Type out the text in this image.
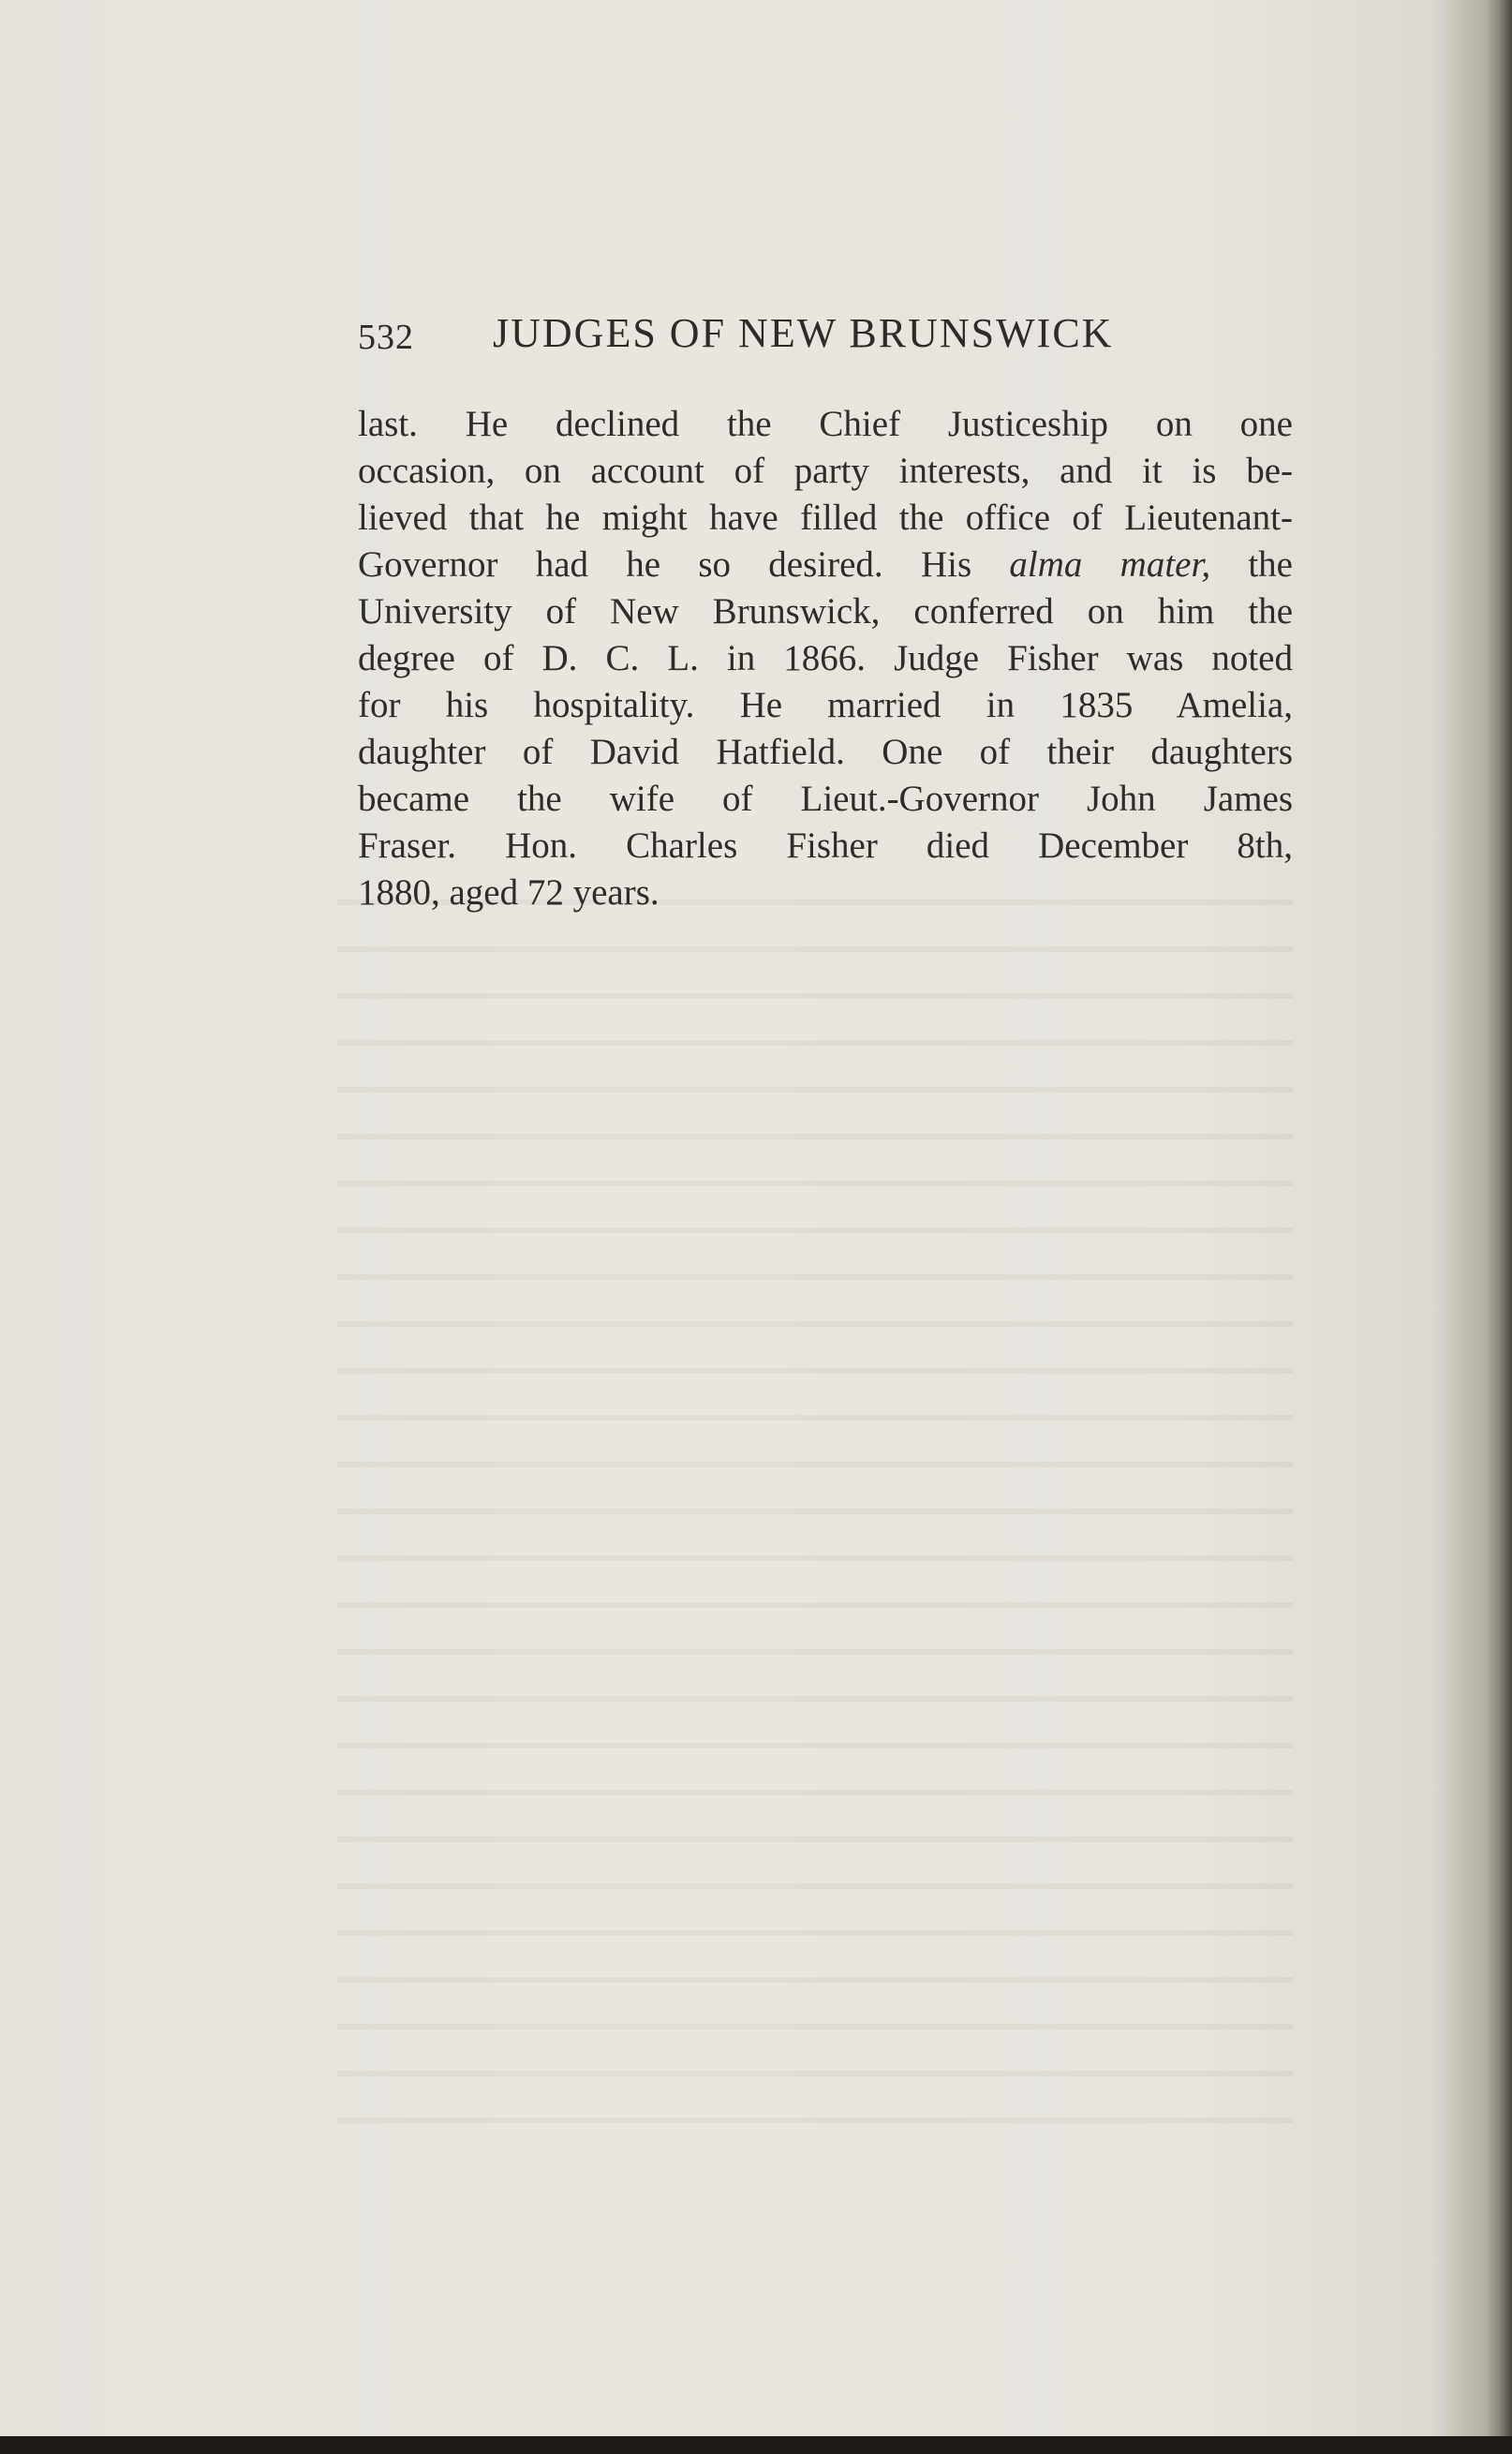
532 JUDGES OF NEW BRUNSWICK
last. He declined the Chief Justiceship on one
occasion, on account of party interests, and it is be-
lieved that he might have filled the office of Lieutenant-
Governor had he so desired. His alma mater, the
University of New Brunswick, conferred on him the
degree of D. C. L. in 1866. Judge Fisher was noted
for his hospitality. He married in 1835 Amelia,
daughter of David Hatfield. One of their daughters
became the wife of Lieut.-Governor John James
Fraser. Hon. Charles Fisher died December 8th,
1880, aged 72 years.
